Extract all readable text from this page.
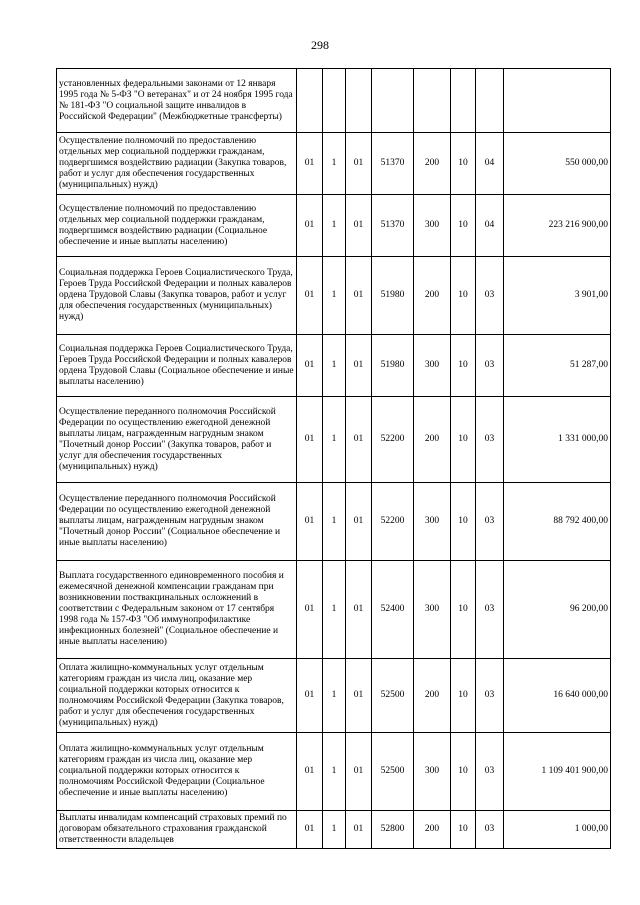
298
установленных федеральными законами от 12 января 1995 года № 5-ФЗ "О ветеранах" и от 24 ноября 1995 года № 181-ФЗ "О социальной защите инвалидов в Российской Федерации" (Межбюджетные трансферты)								
Осуществление полномочий по предоставлению отдельных мер социальной поддержки гражданам, подвергшимся воздействию радиации (Закупка товаров, работ и услуг для обеспечения государственных (муниципальных) нужд)	01	1	01	51370	200	10	04	550 000,00
Осуществление полномочий по предоставлению отдельных мер социальной поддержки гражданам, подвергшимся воздействию радиации (Социальное обеспечение и иные выплаты населению)	01	1	01	51370	300	10	04	223 216 900,00
Социальная поддержка Героев Социалистического Труда, Героев Труда Российской Федерации и полных кавалеров ордена Трудовой Славы (Закупка товаров, работ и услуг для обеспечения государственных (муниципальных) нужд)	01	1	01	51980	200	10	03	3 901,00
Социальная поддержка Героев Социалистического Труда, Героев Труда Российской Федерации и полных кавалеров ордена Трудовой Славы (Социальное обеспечение и иные выплаты населению)	01	1	01	51980	300	10	03	51 287,00
Осуществление переданного полномочия Российской Федерации по осуществлению ежегодной денежной выплаты лицам, награжденным нагрудным знаком "Почетный донор России" (Закупка товаров, работ и услуг для обеспечения государственных (муниципальных) нужд)	01	1	01	52200	200	10	03	1 331 000,00
Осуществление переданного полномочия Российской Федерации по осуществлению ежегодной денежной выплаты лицам, награжденным нагрудным знаком "Почетный донор России" (Социальное обеспечение и иные выплаты населению)	01	1	01	52200	300	10	03	88 792 400,00
Выплата государственного единовременного пособия и ежемесячной денежной компенсации гражданам при возникновении поствакцинальных осложнений в соответствии с Федеральным законом от 17 сентября 1998 года № 157-ФЗ "Об иммунопрофилактике инфекционных болезней" (Социальное обеспечение и иные выплаты населению)	01	1	01	52400	300	10	03	96 200,00
Оплата жилищно-коммунальных услуг отдельным категориям граждан из числа лиц, оказание мер социальной поддержки которых относится к полномочиям Российской Федерации (Закупка товаров, работ и услуг для обеспечения государственных (муниципальных) нужд)	01	1	01	52500	200	10	03	16 640 000,00
Оплата жилищно-коммунальных услуг отдельным категориям граждан из числа лиц, оказание мер социальной поддержки которых относится к полномочиям Российской Федерации (Социальное обеспечение и иные выплаты населению)	01	1	01	52500	300	10	03	1 109 401 900,00
Выплаты инвалидам компенсаций страховых премий по договорам обязательного страхования гражданской ответственности владельцев	01	1	01	52800	200	10	03	1 000,00
